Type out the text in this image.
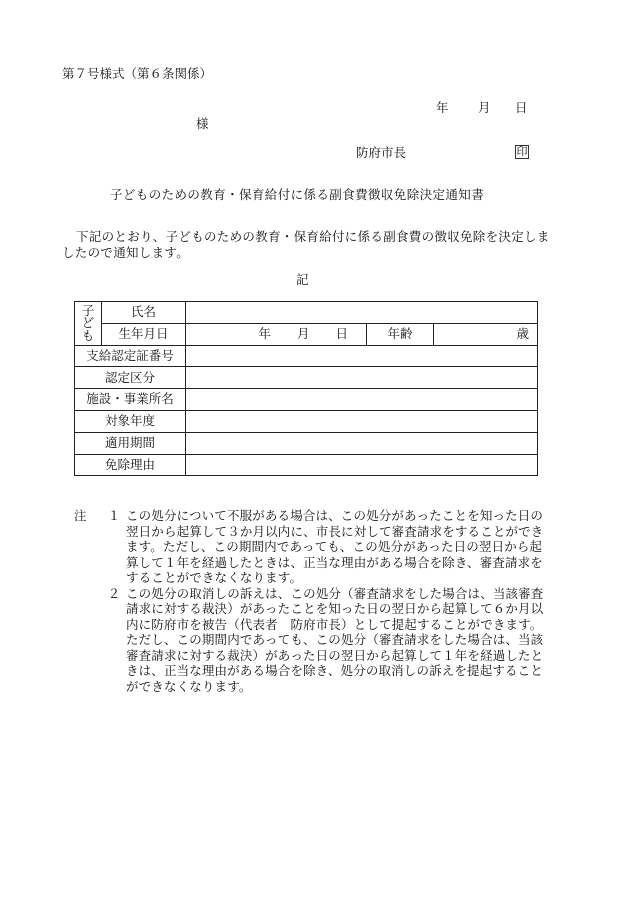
第７号様式（第６条関係）
年 月 日
様
防府市長	印
子どものための教育・保育給付に係る副食費徴収免除決定通知書
下記のとおり、子どものための教育・保育給付に係る副食費の徴収免除を決定しましたので通知します。
記
子
ど
も	氏名			
	生年月日	年 月 日	年齢	歳
支給認定証番号				
認定区分				
施設・事業所名				
対象年度				
適用期間				
免除理由				
注	１ この処分について不服がある場合は、この処分があったことを知った日の翌日から起算して３か月以内に、市長に対して審査請求をすることができます。ただし、この期間内であっても、この処分があった日の翌日から起算して１年を経過したときは、正当な理由がある場合を除き、審査請求をすることができなくなります。
２ この処分の取消しの訴えは、この処分（審査請求をした場合は、当該審査請求に対する裁決）があったことを知った日の翌日から起算して６か月以内に防府市を被告（代表者　防府市長）として提起することができます。ただし、この期間内であっても、この処分（審査請求をした場合は、当該審査請求に対する裁決）があった日の翌日から起算して１年を経過したときは、正当な理由がある場合を除き、処分の取消しの訴えを提起することができなくなります。
